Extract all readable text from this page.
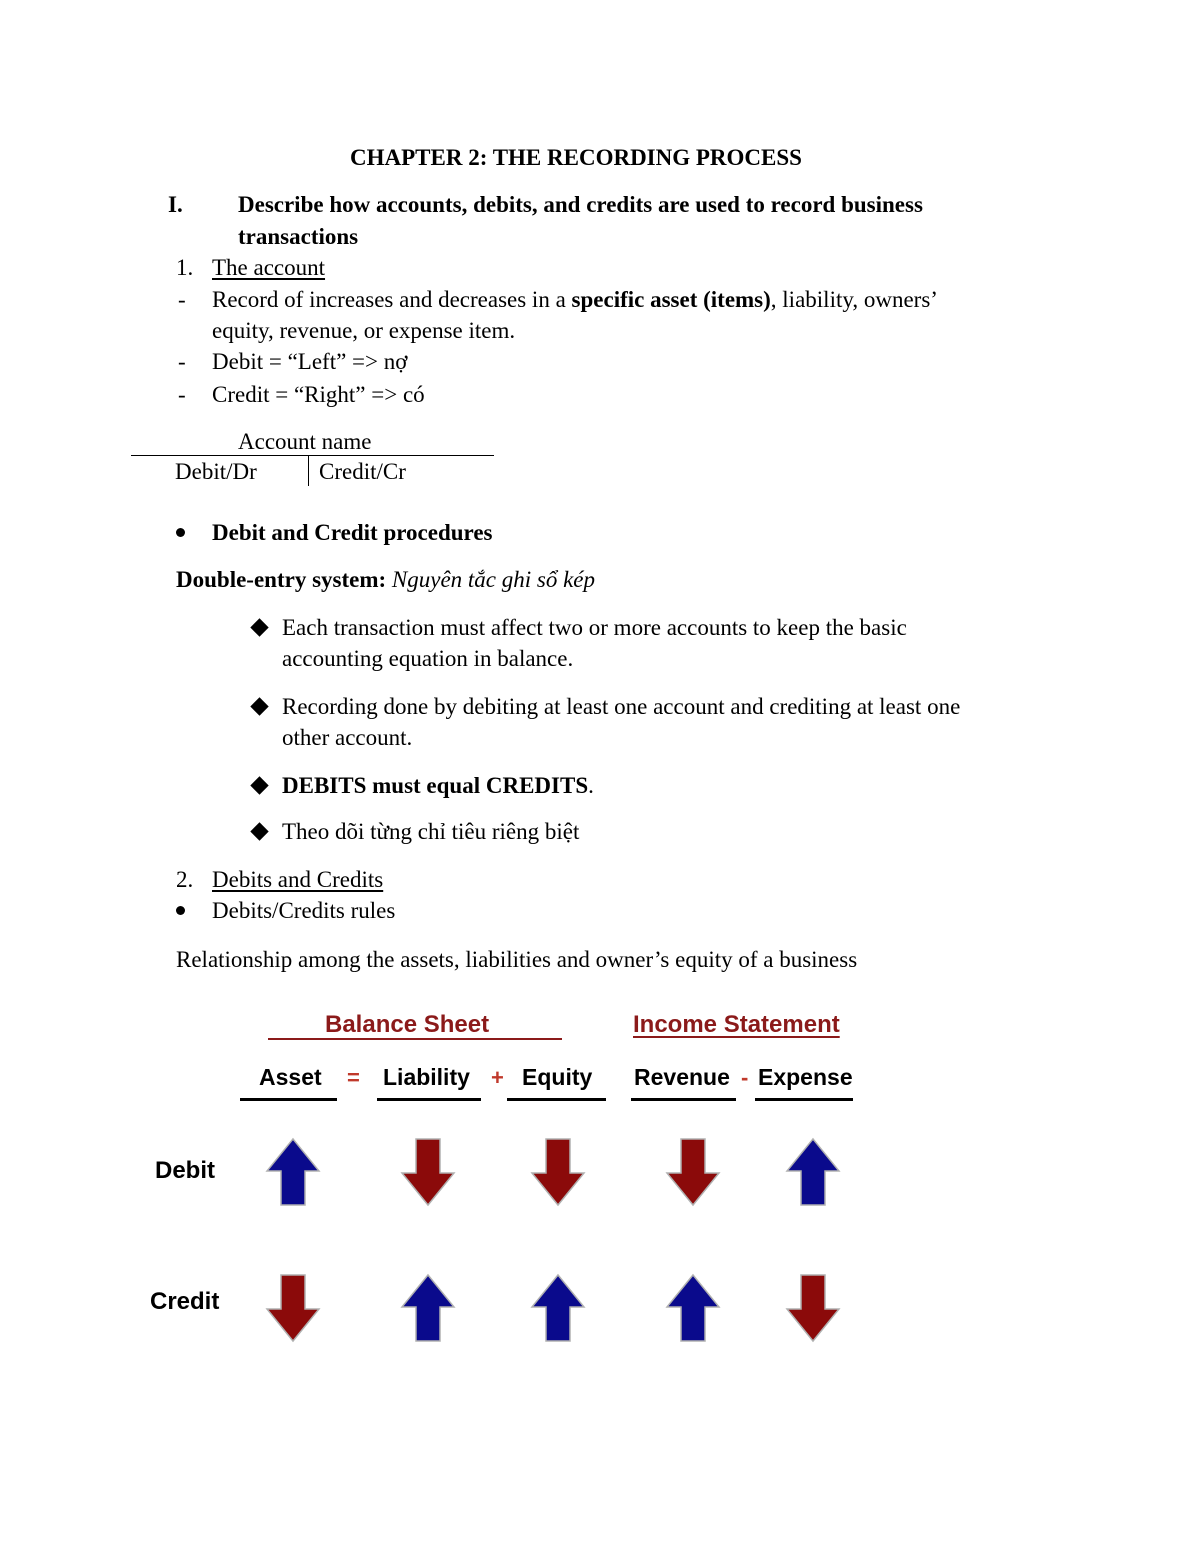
CHAPTER 2: THE RECORDING PROCESS
I. Describe how accounts, debits, and credits are used to record business
transactions
1. The account
- Record of increases and decreases in a specific asset (items), liability, owners’
equity, revenue, or expense item.
- Debit = “Left” => nợ
- Credit = “Right” => có
Account name
Debit/Dr	Credit/Cr
Debit and Credit procedures
Double-entry system: Nguyên tắc ghi sổ kép
Each transaction must affect two or more accounts to keep the basic
accounting equation in balance.
Recording done by debiting at least one account and crediting at least one
other account.
DEBITS must equal CREDITS.
Theo dõi từng chỉ tiêu riêng biệt
2. Debits and Credits
Debits/Credits rules
Relationship among the assets, liabilities and owner’s equity of a business
Balance Sheet	Income Statement
Asset = Liability + Equity Revenue - Expense
Debit
Credit
